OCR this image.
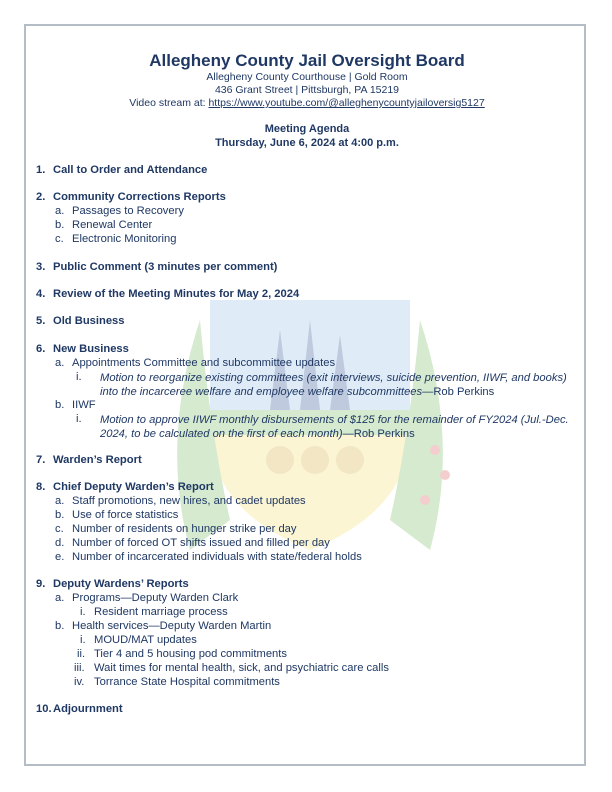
Allegheny County Jail Oversight Board
Allegheny County Courthouse | Gold Room
436 Grant Street | Pittsburgh, PA 15219
Video stream at: https://www.youtube.com/@alleghenycountyjailoversig5127
Meeting Agenda
Thursday, June 6, 2024 at 4:00 p.m.
1. Call to Order and Attendance
2. Community Corrections Reports
a. Passages to Recovery
b. Renewal Center
c. Electronic Monitoring
3. Public Comment (3 minutes per comment)
4. Review of the Meeting Minutes for May 2, 2024
5. Old Business
6. New Business
a. Appointments Committee and subcommittee updates
i. Motion to reorganize existing committees (exit interviews, suicide prevention, IIWF, and books) into the incarceree welfare and employee welfare subcommittees—Rob Perkins
b. IIWF
i. Motion to approve IIWF monthly disbursements of $125 for the remainder of FY2024 (Jul.-Dec. 2024, to be calculated on the first of each month)—Rob Perkins
7. Warden’s Report
8. Chief Deputy Warden’s Report
a. Staff promotions, new hires, and cadet updates
b. Use of force statistics
c. Number of residents on hunger strike per day
d. Number of forced OT shifts issued and filled per day
e. Number of incarcerated individuals with state/federal holds
9. Deputy Wardens’ Reports
a. Programs—Deputy Warden Clark
i. Resident marriage process
b. Health services—Deputy Warden Martin
i. MOUD/MAT updates
ii. Tier 4 and 5 housing pod commitments
iii. Wait times for mental health, sick, and psychiatric care calls
iv. Torrance State Hospital commitments
10. Adjournment
